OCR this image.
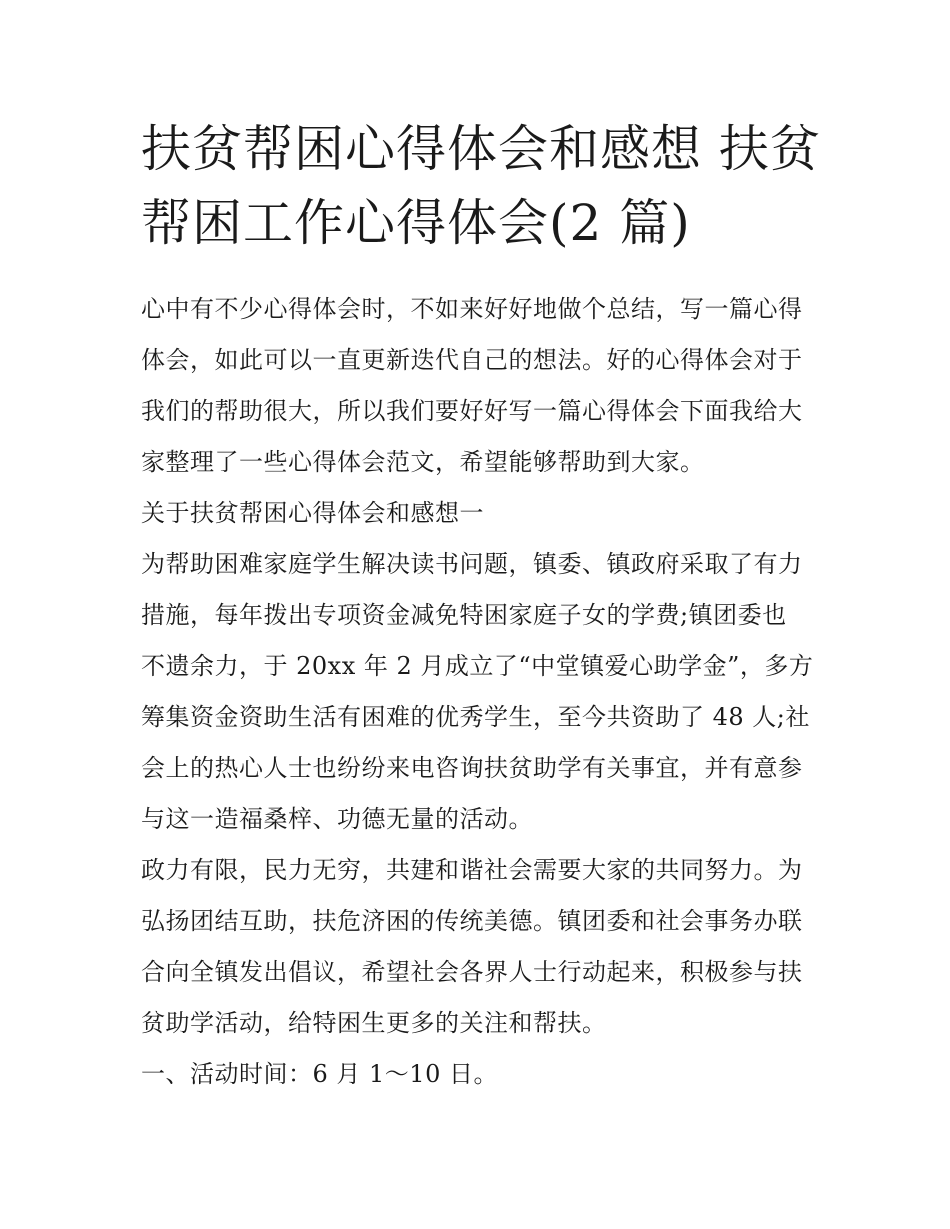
扶贫帮困心得体会和感想 扶贫
帮困工作心得体会(2 篇)

心中有不少心得体会时，不如来好好地做个总结，写一篇心得
体会，如此可以一直更新迭代自己的想法。好的心得体会对于
我们的帮助很大，所以我们要好好写一篇心得体会下面我给大
家整理了一些心得体会范文，希望能够帮助到大家。

关于扶贫帮困心得体会和感想一

为帮助困难家庭学生解决读书问题，镇委、镇政府采取了有力
措施，每年拨出专项资金减免特困家庭子女的学费;镇团委也
不遗余力，于 20xx 年 2 月成立了“中堂镇爱心助学金”，多方
筹集资金资助生活有困难的优秀学生，至今共资助了 48 人;社
会上的热心人士也纷纷来电咨询扶贫助学有关事宜，并有意参
与这一造福桑梓、功德无量的活动。

政力有限，民力无穷，共建和谐社会需要大家的共同努力。为
弘扬团结互助，扶危济困的传统美德。镇团委和社会事务办联
合向全镇发出倡议，希望社会各界人士行动起来，积极参与扶
贫助学活动，给特困生更多的关注和帮扶。

一、活动时间：6 月 1～10 日。
